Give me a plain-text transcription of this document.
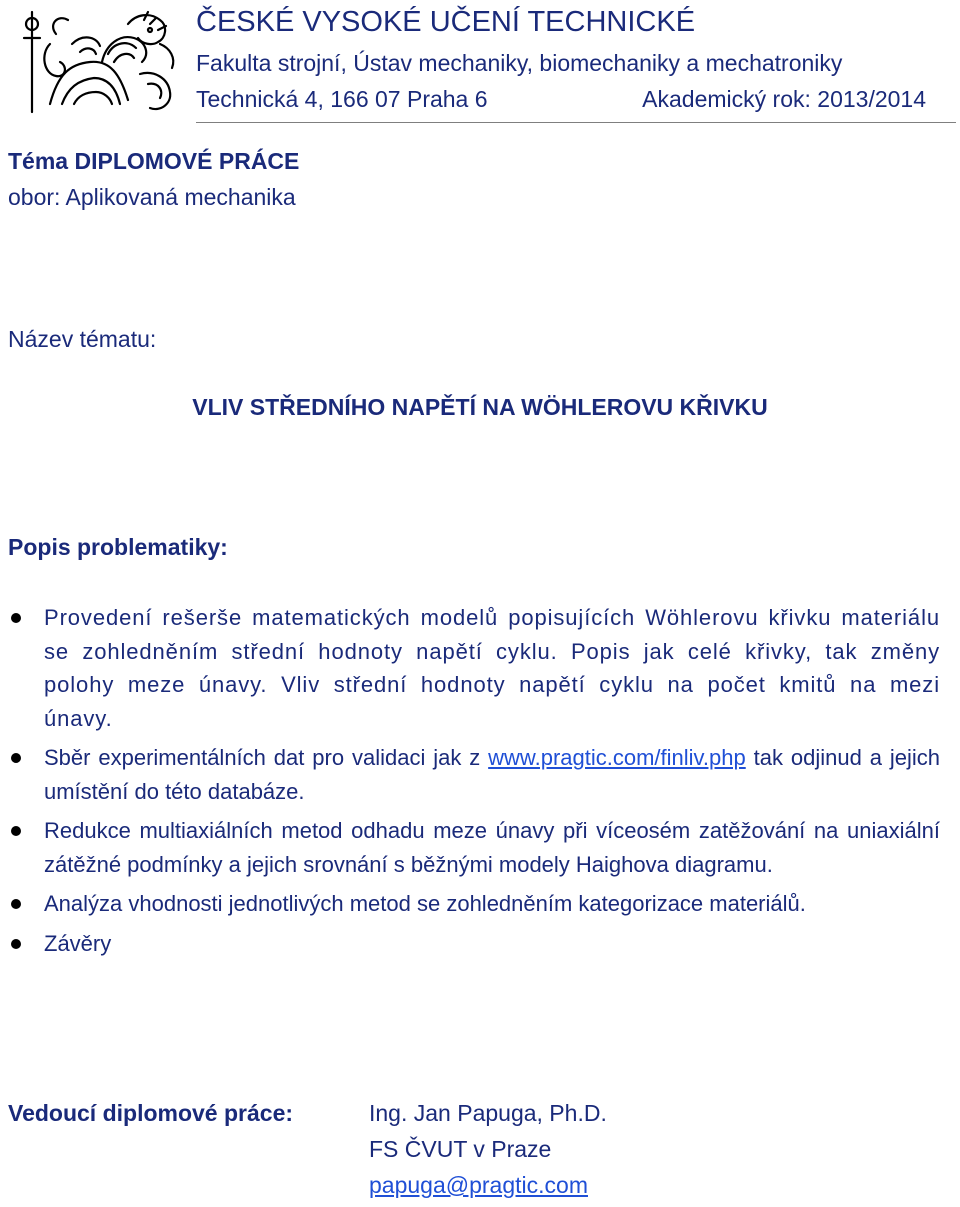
ČESKÉ VYSOKÉ UČENÍ TECHNICKÉ
Fakulta strojní, Ústav mechaniky, biomechaniky a mechatroniky
Technická 4, 166 07 Praha 6	Akademický rok: 2013/2014
Téma DIPLOMOVÉ PRÁCE
obor: Aplikovaná mechanika
Název tématu:
VLIV STŘEDNÍHO NAPĚTÍ NA WÖHLEROVU KŘIVKU
Popis problematiky:
Provedení rešerše matematických modelů popisujících Wöhlerovu křivku materiálu se zohledněním střední hodnoty napětí cyklu. Popis jak celé křivky, tak změny polohy meze únavy. Vliv střední hodnoty napětí cyklu na počet kmitů na mezi únavy.
Sběr experimentálních dat pro validaci jak z www.pragtic.com/finliv.php tak odjinud a jejich umístění do této databáze.
Redukce multiaxiálních metod odhadu meze únavy při víceosém zatěžování na uniaxiální zátěžné podmínky a jejich srovnání s běžnými modely Haighova diagramu.
Analýza vhodnosti jednotlivých metod se zohledněním kategorizace materiálů.
Závěry
Vedoucí diplomové práce:	Ing. Jan Papuga, Ph.D.
FS ČVUT v Praze
papuga@pragtic.com
